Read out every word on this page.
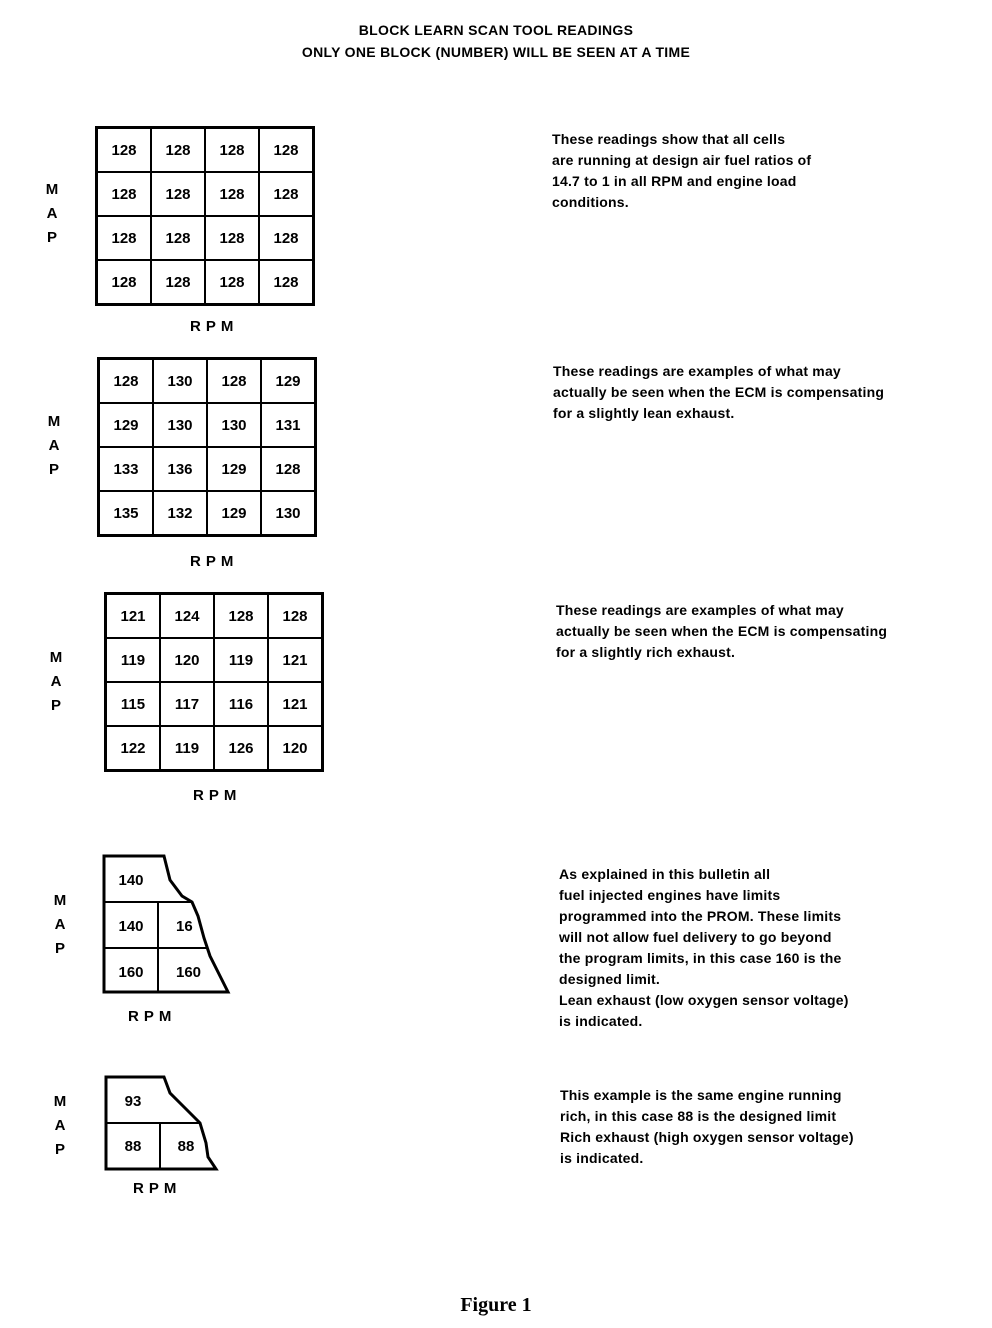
BLOCK LEARN SCAN TOOL READINGS
ONLY ONE BLOCK (NUMBER) WILL BE SEEN AT A TIME
M
A
P
128	128	128	128
128	128	128	128
128	128	128	128
128	128	128	128
RPM
These readings show that all cells
are running at design air fuel ratios of
14.7 to 1 in all RPM and engine load
conditions.
M
A
P
128	130	128	129
129	130	130	131
133	136	129	128
135	132	129	130
RPM
These readings are examples of what may
actually be seen when the ECM is compensating
for a slightly lean exhaust.
M
A
P
121	124	128	128
119	120	119	121
115	117	116	121
122	119	126	120
RPM
These readings are examples of what may
actually be seen when the ECM is compensating
for a slightly rich exhaust.
M
A
P
140
140 16
160 160
RPM
As explained in this bulletin all
fuel injected engines have limits
programmed into the PROM. These limits
will not allow fuel delivery to go beyond
the program limits, in this case 160 is the
designed limit.
Lean exhaust (low oxygen sensor voltage)
is indicated.
M
A
P
93
88 88
RPM
This example is the same engine running
rich, in this case 88 is the designed limit
Rich exhaust (high oxygen sensor voltage)
is indicated.
Figure 1
